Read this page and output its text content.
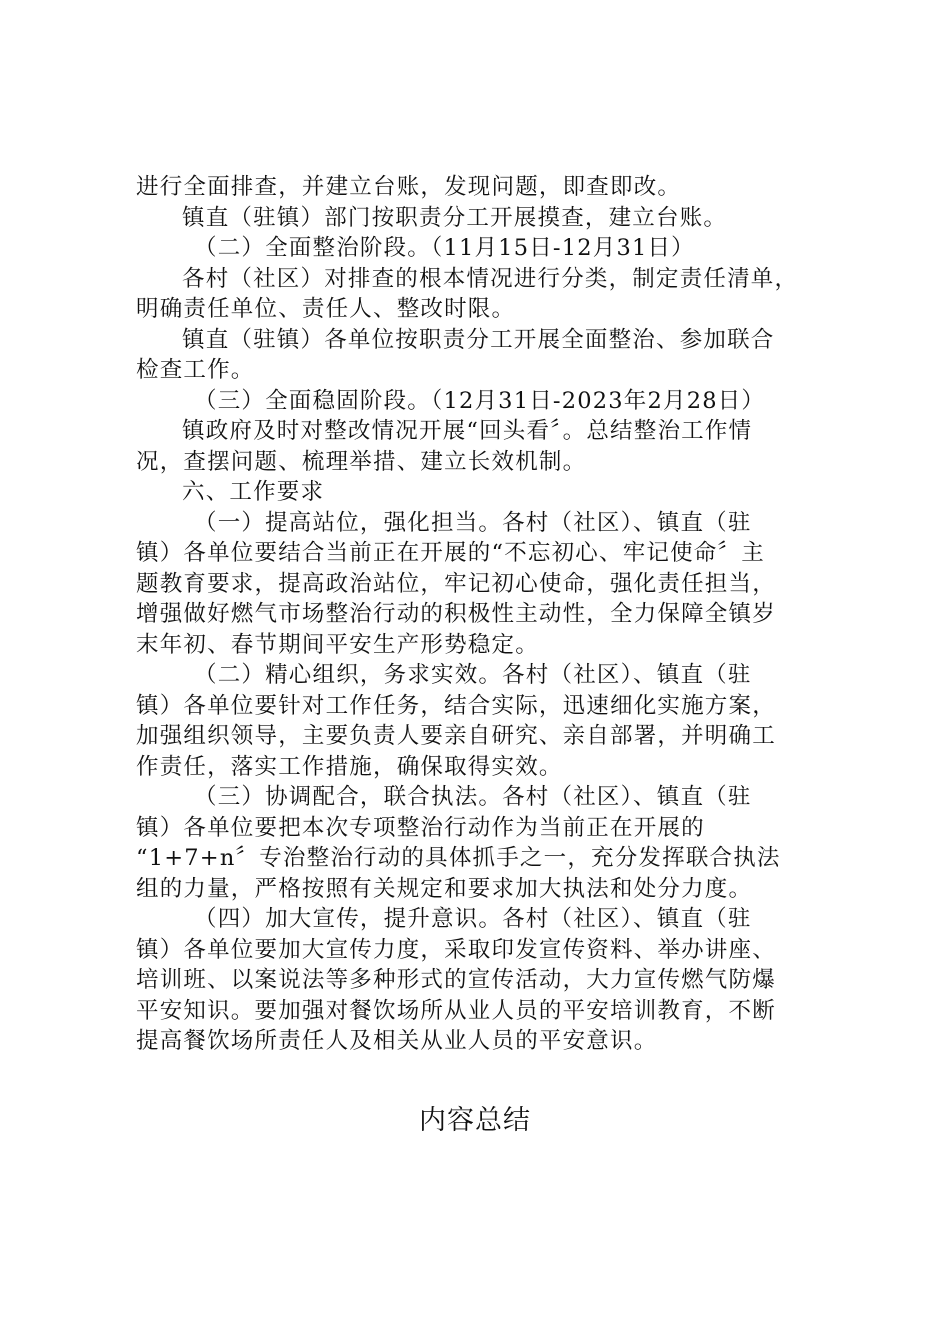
进行全面排查，并建立台账，发现问题，即查即改。
镇直（驻镇）部门按职责分工开展摸查，建立台账。
（二）全面整治阶段。（11月15日-12月31日）
各村（社区）对排查的根本情况进行分类，制定责任清单，
明确责任单位、责任人、整改时限。
镇直（驻镇）各单位按职责分工开展全面整治、参加联合
检查工作。
（三）全面稳固阶段。（12月31日-2023年2月28日）
镇政府及时对整改情况开展“回头看〞。总结整治工作情
况，查摆问题、梳理举措、建立长效机制。
六、工作要求
（一）提高站位，强化担当。各村（社区）、镇直（驻
镇）各单位要结合当前正在开展的“不忘初心、牢记使命〞主
题教育要求，提高政治站位，牢记初心使命，强化责任担当，
增强做好燃气市场整治行动的积极性主动性，全力保障全镇岁
末年初、春节期间平安生产形势稳定。
（二）精心组织，务求实效。各村（社区）、镇直（驻
镇）各单位要针对工作任务，结合实际，迅速细化实施方案，
加强组织领导，主要负责人要亲自研究、亲自部署，并明确工
作责任，落实工作措施，确保取得实效。
（三）协调配合，联合执法。各村（社区）、镇直（驻
镇）各单位要把本次专项整治行动作为当前正在开展的
“1+7+n〞专治整治行动的具体抓手之一，充分发挥联合执法
组的力量，严格按照有关规定和要求加大执法和处分力度。
（四）加大宣传，提升意识。各村（社区）、镇直（驻
镇）各单位要加大宣传力度，采取印发宣传资料、举办讲座、
培训班、以案说法等多种形式的宣传活动，大力宣传燃气防爆
平安知识。要加强对餐饮场所从业人员的平安培训教育，不断
提高餐饮场所责任人及相关从业人员的平安意识。
内容总结
